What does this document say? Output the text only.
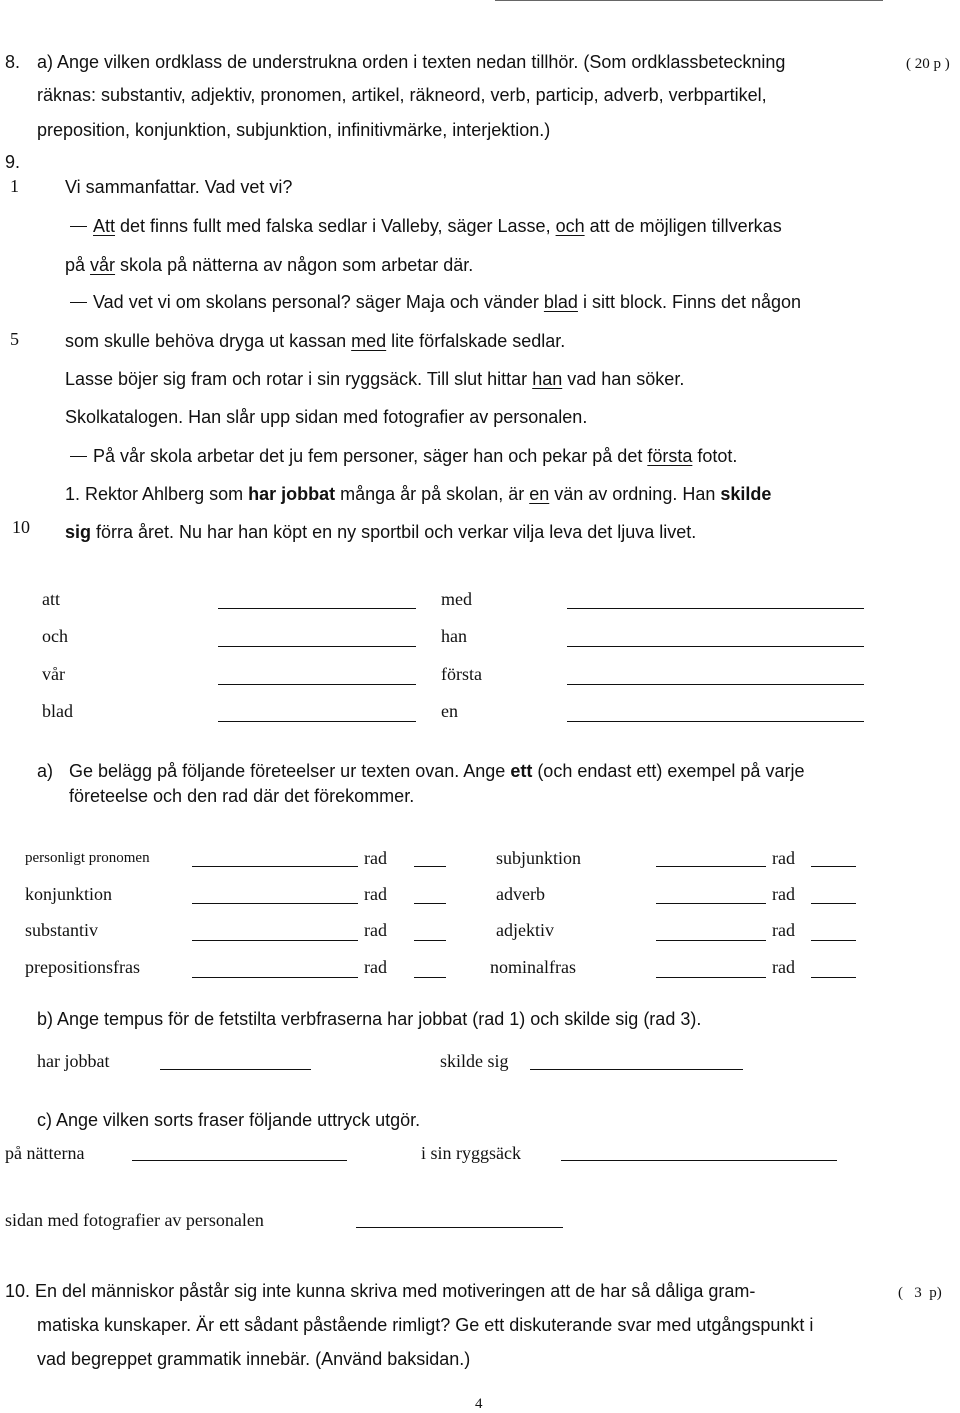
8. a) Ange vilken ordklass de understrukna orden i texten nedan tillhör. (Som ordklassbeteckning
räknas: substantiv, adjektiv, pronomen, artikel, räkneord, verb, particip, adverb, verbpartikel,
preposition, konjunktion, subjunktion, infinitivmärke, interjektion.)
( 20 p )
9.
1
5
10
Vi sammanfattar. Vad vet vi?
Att det finns fullt med falska sedlar i Valleby, säger Lasse, och att de möjligen tillverkas
på vår skola på nätterna av någon som arbetar där.
Vad vet vi om skolans personal? säger Maja och vänder blad i sitt block. Finns det någon
som skulle behöva dryga ut kassan med lite förfalskade sedlar.
Lasse böjer sig fram och rotar i sin ryggsäck. Till slut hittar han vad han söker.
Skolkatalogen. Han slår upp sidan med fotografier av personalen.
På vår skola arbetar det ju fem personer, säger han och pekar på det första fotot.
1. Rektor Ahlberg som har jobbat många år på skolan, är en vän av ordning. Han skilde
sig förra året. Nu har han köpt en ny sportbil och verkar vilja leva det ljuva livet.
att
och
vår
blad
med
han
första
en
a) Ge belägg på följande företeelser ur texten ovan. Ange ett (och endast ett) exempel på varje
företeelse och den rad där det förekommer.
personligt pronomen
konjunktion
substantiv
prepositionsfras
rad
rad
rad
rad
subjunktion
adverb
adjektiv
nominalfras
rad
rad
rad
rad
b) Ange tempus för de fetstilta verbfraserna har jobbat (rad 1) och skilde sig (rad 3).
har jobbat	skilde sig
c) Ange vilken sorts fraser följande uttryck utgör.
på nätterna	i sin ryggsäck
sidan med fotografier av personalen
10. En del människor påstår sig inte kunna skriva med motiveringen att de har så dåliga gram-
matiska kunskaper. Är ett sådant påstående rimligt? Ge ett diskuterande svar med utgångspunkt i
vad begreppet grammatik innebär. (Använd baksidan.)
(   3  p)
4
